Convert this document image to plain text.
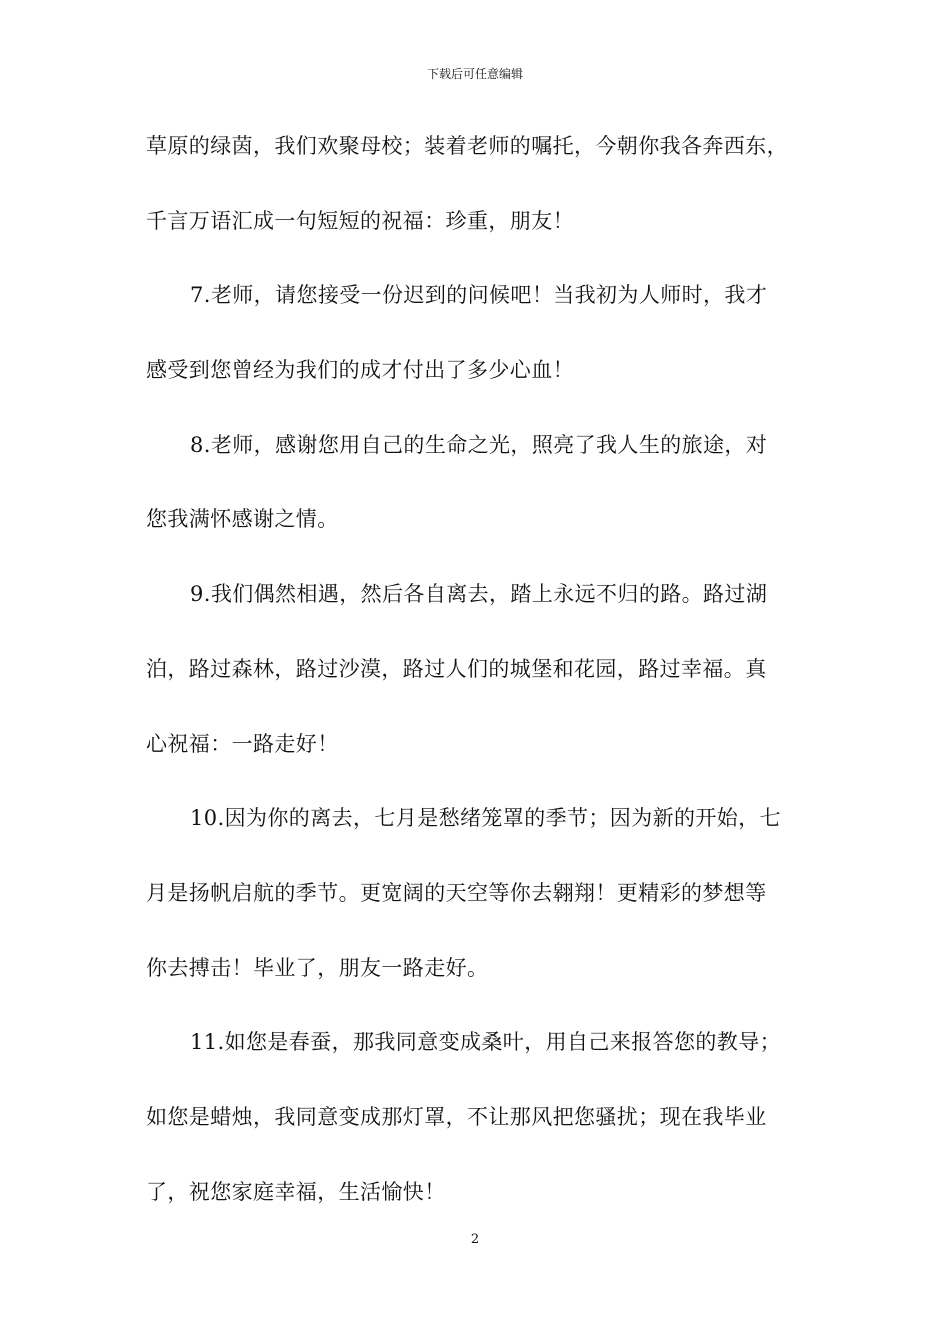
下载后可任意编辑
草原的绿茵，我们欢聚母校；装着老师的嘱托，今朝你我各奔西东，
千言万语汇成一句短短的祝福：珍重，朋友！
7.老师，请您接受一份迟到的问候吧！当我初为人师时，我才
感受到您曾经为我们的成才付出了多少心血！
8.老师，感谢您用自己的生命之光，照亮了我人生的旅途，对
您我满怀感谢之情。
9.我们偶然相遇，然后各自离去，踏上永远不归的路。路过湖
泊，路过森林，路过沙漠，路过人们的城堡和花园，路过幸福。真
心祝福：一路走好！
10.因为你的离去，七月是愁绪笼罩的季节；因为新的开始，七
月是扬帆启航的季节。更宽阔的天空等你去翱翔！更精彩的梦想等
你去搏击！毕业了，朋友一路走好。
11.如您是春蚕，那我同意变成桑叶，用自己来报答您的教导；
如您是蜡烛，我同意变成那灯罩，不让那风把您骚扰；现在我毕业
了，祝您家庭幸福，生活愉快！
2
